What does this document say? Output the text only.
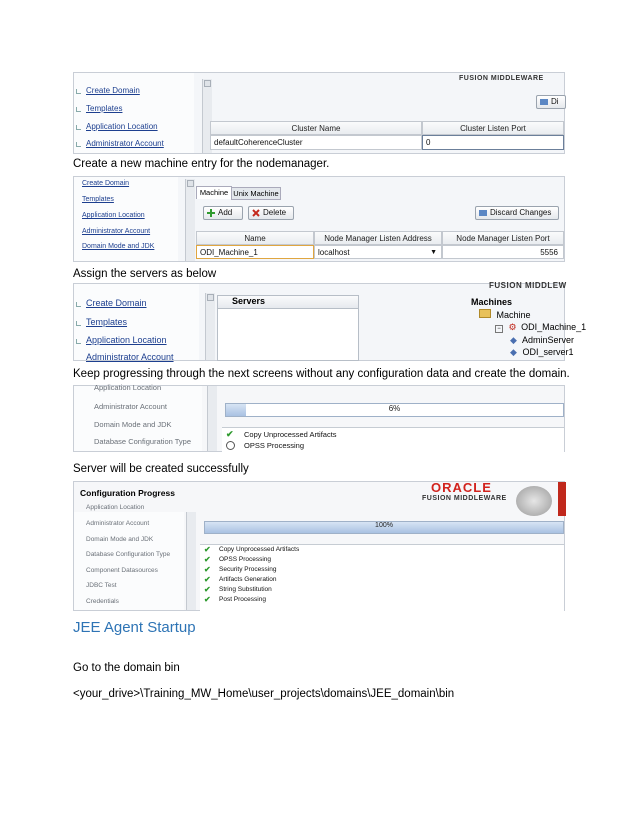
Create Domain
Templates
Application Location
Administrator Account
FUSION MIDDLEWARE
Di
Cluster Name	Cluster Listen Port
defaultCoherenceCluster	0
Create a new machine entry for the nodemanager.
Create Domain
Templates
Application Location
Administrator Account
Domain Mode and JDK
Machine Unix Machine
Add	Delete	Discard Changes
Name	Node Manager Listen Address	Node Manager Listen Port
ODI_Machine_1	localhost	▼	5556
Assign the servers as below
Create Domain
Templates
Application Location
Administrator Account
Servers
FUSION MIDDLEW
Machines
Machine
− ⚙ ODI_Machine_1
◆ AdminServer
◆ ODI_server1
Keep progressing through the next screens without any configuration data and create the domain.
Application Location
Administrator Account
Domain Mode and JDK
Database Configuration Type
6%
✔ Copy Unprocessed Artifacts
OPSS Processing
Server will be created successfully
Configuration Progress	ORACLE
FUSION MIDDLEWARE
Application Location
Administrator Account
Domain Mode and JDK
Database Configuration Type
Component Datasources
JDBC Test
Credentials
100%
✔ Copy Unprocessed Artifacts
✔ OPSS Processing
✔ Security Processing
✔ Artifacts Generation
✔ String Substitution
✔ Post Processing
JEE Agent Startup
Go to the domain bin
<your_drive>\Training_MW_Home\user_projects\domains\JEE_domain\bin
